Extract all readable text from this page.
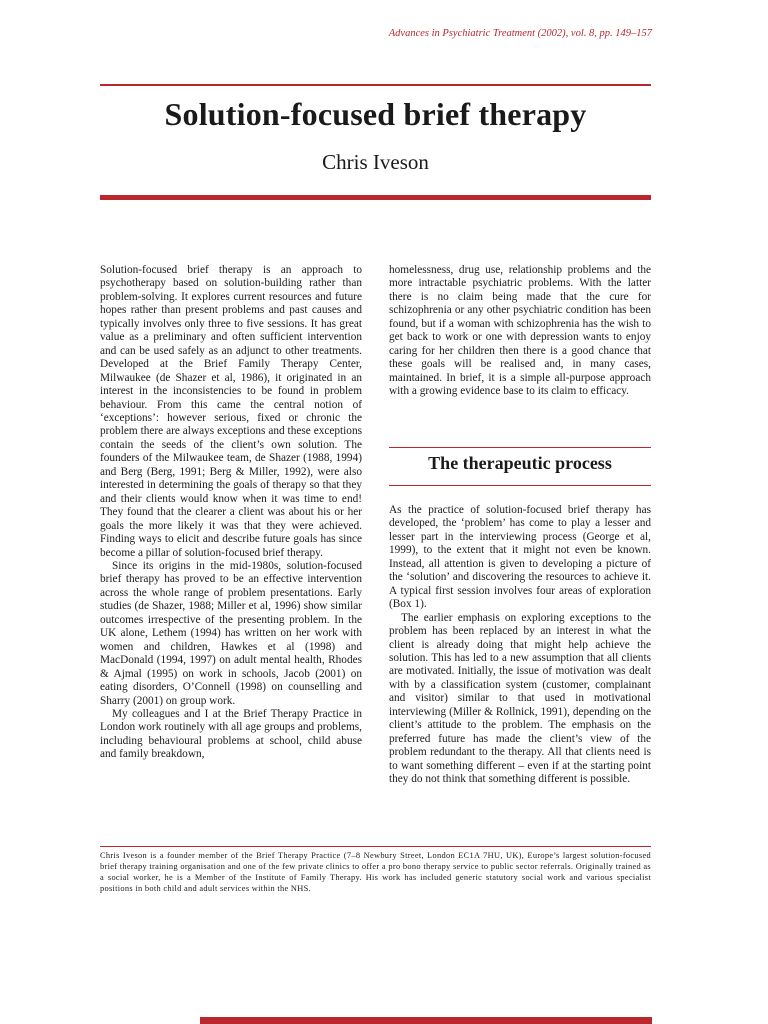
Advances in Psychiatric Treatment (2002), vol. 8, pp. 149–157
Solution-focused brief therapy
Chris Iveson

Solution-focused brief therapy is an approach to psychotherapy based on solution-building rather than problem-solving. It explores current resources and future hopes rather than present problems and past causes and typically involves only three to five sessions. It has great value as a preliminary and often sufficient intervention and can be used safely as an adjunct to other treatments. Developed at the Brief Family Therapy Center, Milwaukee (de Shazer et al, 1986), it originated in an interest in the inconsistencies to be found in problem behaviour. From this came the central notion of ‘exceptions’: however serious, fixed or chronic the problem there are always exceptions and these exceptions contain the seeds of the client’s own solution. The founders of the Milwaukee team, de Shazer (1988, 1994) and Berg (Berg, 1991; Berg & Miller, 1992), were also interested in determining the goals of therapy so that they and their clients would know when it was time to end! They found that the clearer a client was about his or her goals the more likely it was that they were achieved. Finding ways to elicit and describe future goals has since become a pillar of solution-focused brief therapy.

Since its origins in the mid-1980s, solution-focused brief therapy has proved to be an effective intervention across the whole range of problem presentations. Early studies (de Shazer, 1988; Miller et al, 1996) show similar outcomes irrespective of the presenting problem. In the UK alone, Lethem (1994) has written on her work with women and children, Hawkes et al (1998) and MacDonald (1994, 1997) on adult mental health, Rhodes & Ajmal (1995) on work in schools, Jacob (2001) on eating disorders, O’Connell (1998) on counselling and Sharry (2001) on group work.

My colleagues and I at the Brief Therapy Practice in London work routinely with all age groups and problems, including behavioural problems at school, child abuse and family breakdown,

homelessness, drug use, relationship problems and the more intractable psychiatric problems. With the latter there is no claim being made that the cure for schizophrenia or any other psychiatric condition has been found, but if a woman with schizophrenia has the wish to get back to work or one with depression wants to enjoy caring for her children then there is a good chance that these goals will be realised and, in many cases, maintained. In brief, it is a simple all-purpose approach with a growing evidence base to its claim to efficacy.

The therapeutic process

As the practice of solution-focused brief therapy has developed, the ‘problem’ has come to play a lesser and lesser part in the interviewing process (George et al, 1999), to the extent that it might not even be known. Instead, all attention is given to developing a picture of the ‘solution’ and discovering the resources to achieve it. A typical first session involves four areas of exploration (Box 1).

The earlier emphasis on exploring exceptions to the problem has been replaced by an interest in what the client is already doing that might help achieve the solution. This has led to a new assumption that all clients are motivated. Initially, the issue of motivation was dealt with by a classification system (customer, complainant and visitor) similar to that used in motivational interviewing (Miller & Rollnick, 1991), depending on the client’s attitude to the problem. The emphasis on the preferred future has made the client’s view of the problem redundant to the therapy. All that clients need is to want something different – even if at the starting point they do not think that something different is possible.

Chris Iveson is a founder member of the Brief Therapy Practice (7–8 Newbury Street, London EC1A 7HU, UK), Europe’s largest solution-focused brief therapy training organisation and one of the few private clinics to offer a pro bono therapy service to public sector referrals. Originally trained as a social worker, he is a Member of the Institute of Family Therapy. His work has included generic statutory social work and various specialist positions in both child and adult services within the NHS.
